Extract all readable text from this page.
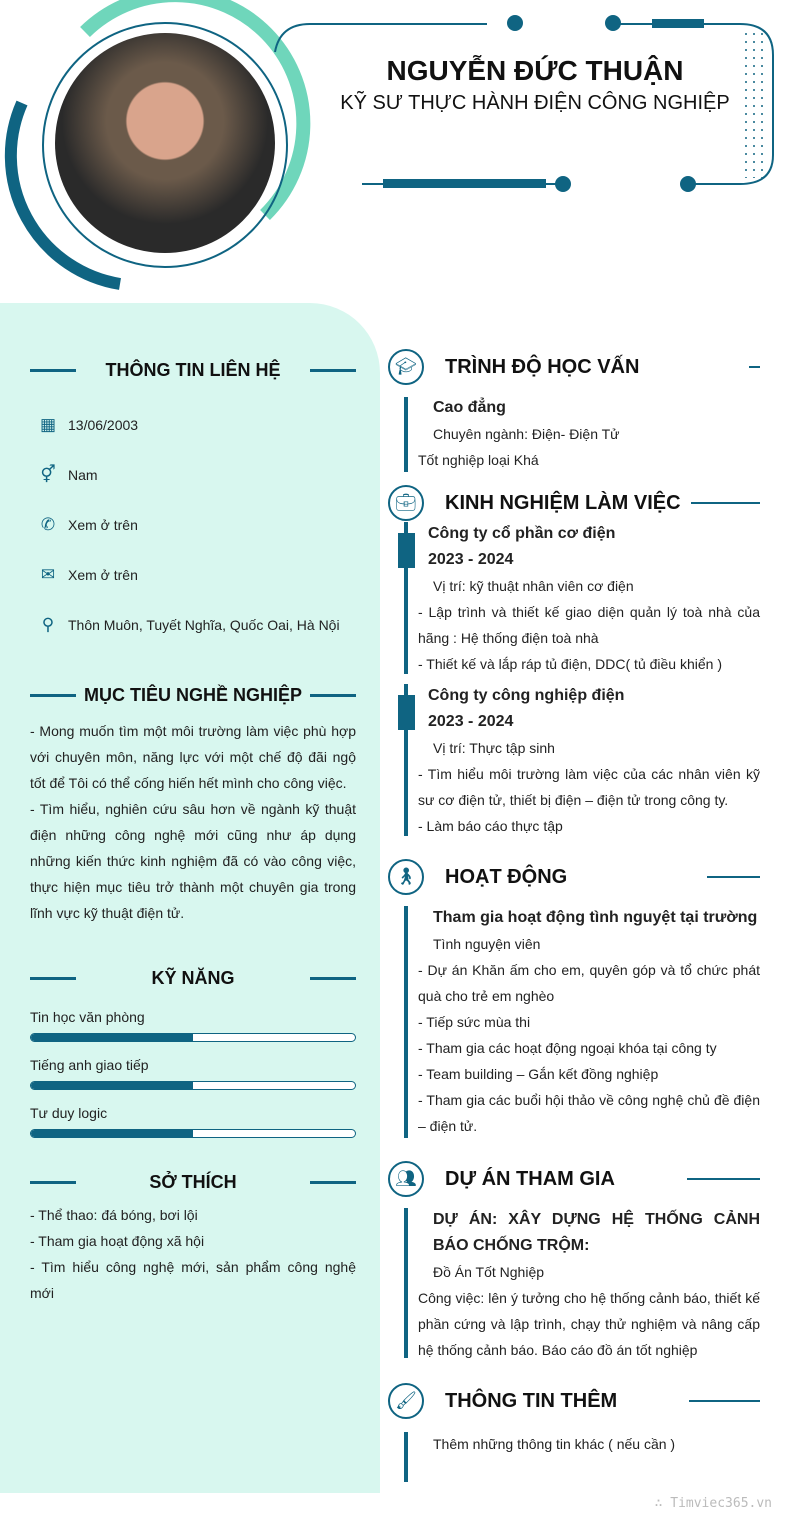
NGUYỄN ĐỨC THUẬN
KỸ SƯ THỰC HÀNH ĐIỆN CÔNG NGHIỆP
THÔNG TIN LIÊN HỆ
▦ 13/06/2003
⚥ Nam
✆ Xem ở trên
✉ Xem ở trên
⚲ Thôn Muôn, Tuyết Nghĩa, Quốc Oai, Hà Nội
MỤC TIÊU NGHỀ NGHIỆP
- Mong muốn tìm một môi trường làm việc phù hợp với chuyên môn, năng lực với một chế độ đãi ngộ tốt để Tôi có thể cống hiến hết mình cho công việc.
- Tìm hiểu, nghiên cứu sâu hơn về ngành kỹ thuật điện những công nghệ mới cũng như áp dụng những kiến thức kinh nghiệm đã có vào công việc, thực hiện mục tiêu trở thành một chuyên gia trong lĩnh vực kỹ thuật điện tử.
KỸ NĂNG
Tin học văn phòng
Tiếng anh giao tiếp
Tư duy logic
SỞ THÍCH
- Thể thao: đá bóng, bơi lội
- Tham gia hoạt động xã hội
- Tìm hiểu công nghệ mới, sản phẩm công nghệ mới
🎓︎	TRÌNH ĐỘ HỌC VẤN
Cao đẳng
Chuyên ngành: Điện- Điện Tử
Tốt nghiệp loại Khá
💼︎	KINH NGHIỆM LÀM VIỆC
Công ty cổ phần cơ điện
2023 - 2024
Vị trí: kỹ thuật nhân viên cơ điện
- Lập trình và thiết kế giao diện quản lý toà nhà của hãng : Hệ thống điện toà nhà
- Thiết kế và lắp ráp tủ điện, DDC( tủ điều khiển )
Công ty công nghiệp điện
2023 - 2024
Vị trí: Thực tập sinh
- Tìm hiểu môi trường làm việc của các nhân viên kỹ sư cơ điện tử, thiết bị điện – điện tử trong công ty.
- Làm báo cáo thực tập
🚶︎	HOẠT ĐỘNG
Tham gia hoạt động tình nguyệt tại trường
Tình nguyện viên
- Dự án Khăn ấm cho em, quyên góp và tổ chức phát quà cho trẻ em nghèo
- Tiếp sức mùa thi
- Tham gia các hoạt động ngoại khóa tại công ty
- Team building – Gắn kết đồng nghiệp
- Tham gia các buổi hội thảo về công nghệ chủ đề điện – điện tử.
👥︎	DỰ ÁN THAM GIA
DỰ ÁN: XÂY DỰNG HỆ THỐNG CẢNH BÁO CHỐNG TRỘM:
Đồ Án Tốt Nghiệp
Công việc: lên ý tưởng cho hệ thống cảnh báo, thiết kế phần cứng và lập trình, chạy thử nghiệm và nâng cấp hệ thống cảnh báo. Báo cáo đồ án tốt nghiệp
🖌︎	THÔNG TIN THÊM
Thêm những thông tin khác ( nếu cần )
∴ Timviec365.vn
